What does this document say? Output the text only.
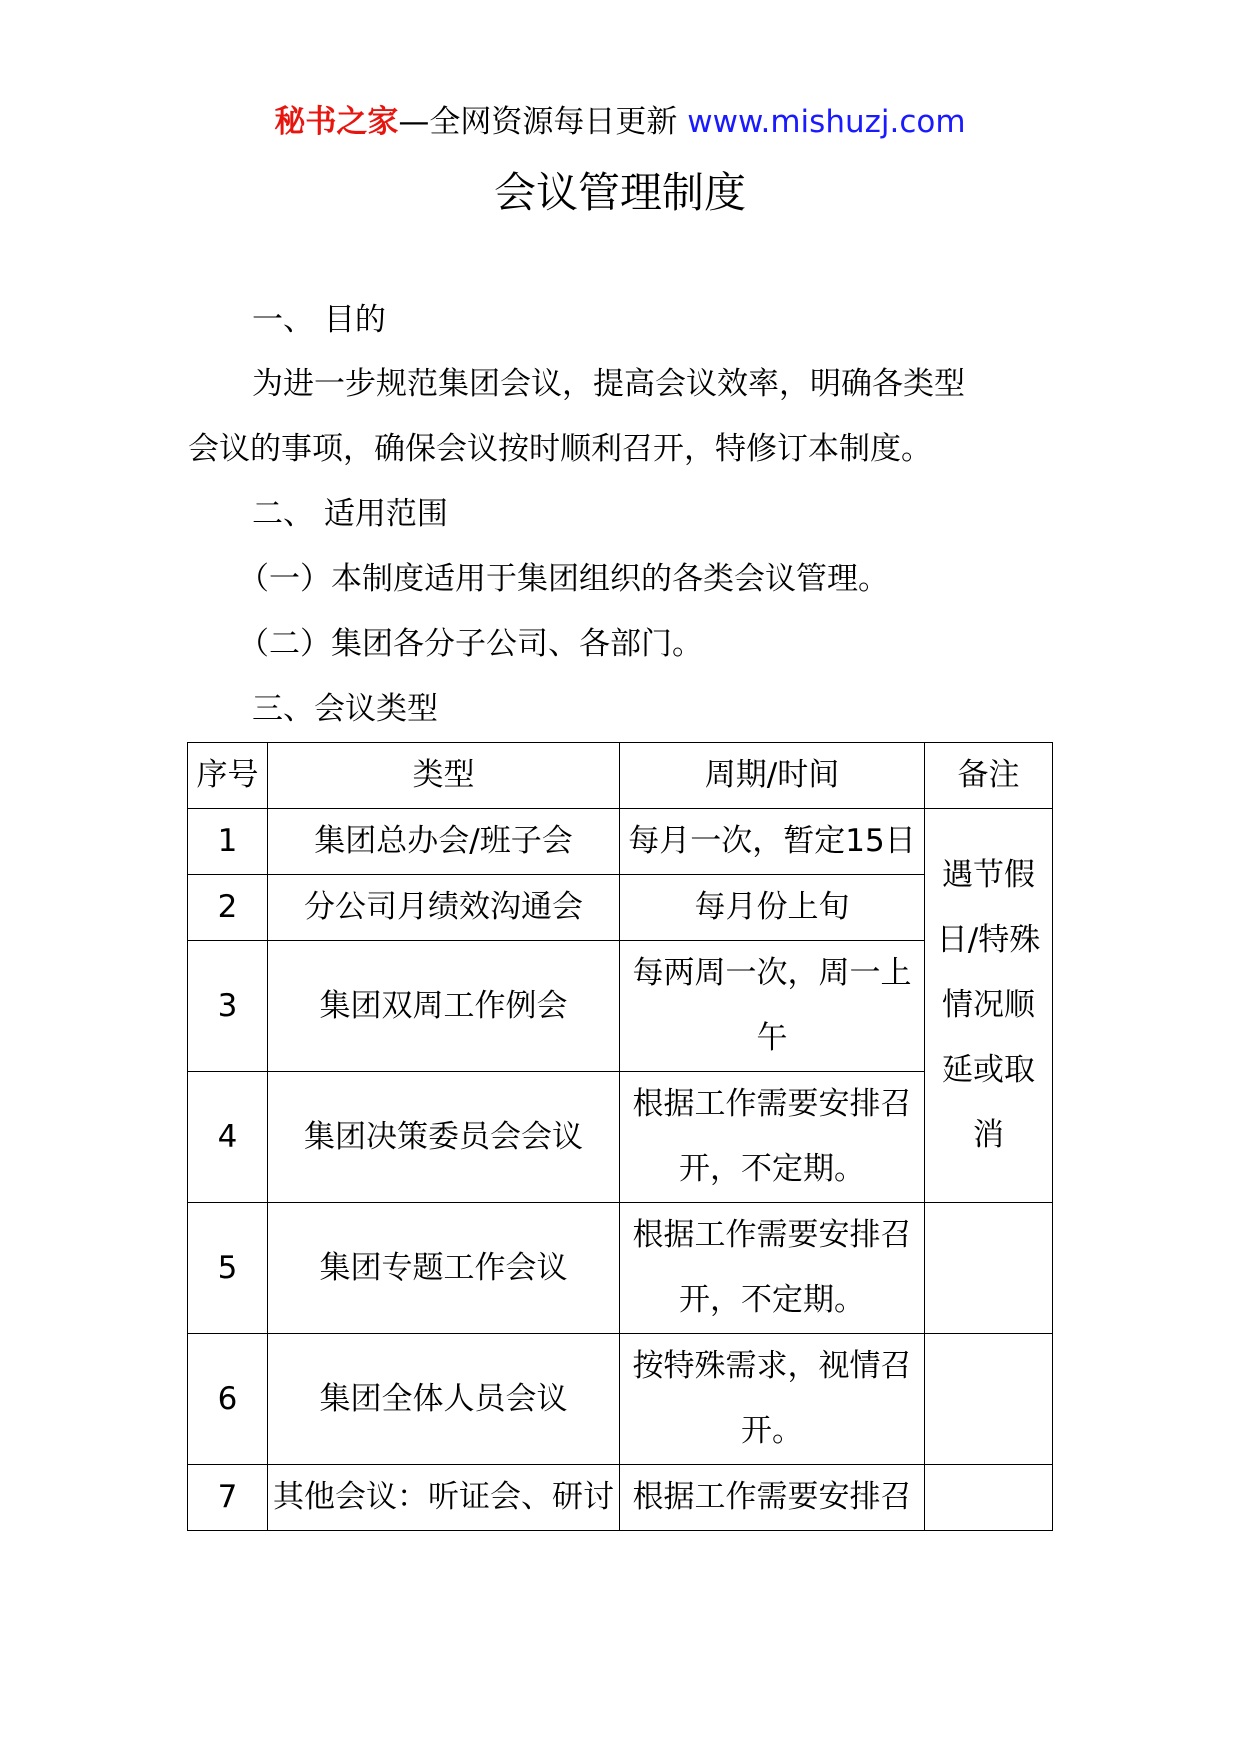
秘书之家—全网资源每日更新 www.mishuzj.com
会议管理制度
一、 目的
为进一步规范集团会议，提高会议效率，明确各类型
会议的事项，确保会议按时顺利召开，特修订本制度。
二、 适用范围
（一）本制度适用于集团组织的各类会议管理。
（二）集团各分子公司、各部门。
三、会议类型
序号	类型	周期/时间	备注
1	集团总办会/班子会	每月一次，暂定15日	遇节假日/特殊情况顺延或取消
2	分公司月绩效沟通会	每月份上旬	
3	集团双周工作例会	每两周一次，周一上午	
4	集团决策委员会会议	根据工作需要安排召开，不定期。	
5	集团专题工作会议	根据工作需要安排召开，不定期。	
6	集团全体人员会议	按特殊需求，视情召开。	
7	其他会议：听证会、研讨	根据工作需要安排召	
